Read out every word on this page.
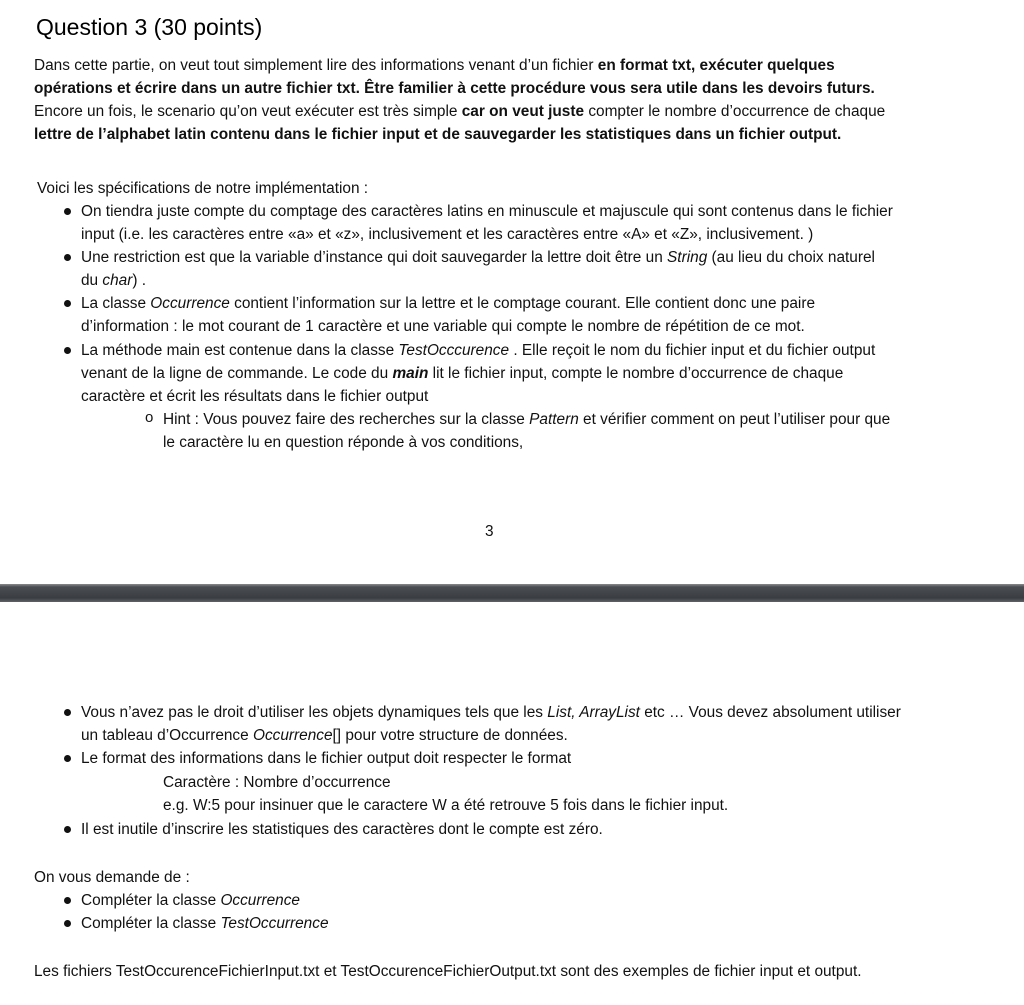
Question 3 (30 points)
Dans cette partie, on veut tout simplement lire des informations venant d’un fichier en format txt, exécuter quelques
opérations et écrire dans un autre fichier txt. Être familier à cette procédure vous sera utile dans les devoirs futurs.
Encore un fois, le scenario qu’on veut exécuter est très simple car on veut juste compter le nombre d’occurrence de chaque
lettre de l’alphabet latin contenu dans le fichier input et de sauvegarder les statistiques dans un fichier output.
Voici les spécifications de notre implémentation :
On tiendra juste compte du comptage des caractères latins en minuscule et majuscule qui sont contenus dans le fichier
input (i.e. les caractères entre «a» et «z», inclusivement et les caractères entre «A» et «Z», inclusivement. )
Une restriction est que la variable d’instance qui doit sauvegarder la lettre doit être un String (au lieu du choix naturel
du char) .
La classe Occurrence contient l’information sur la lettre et le comptage courant. Elle contient donc une paire
d’information : le mot courant de 1 caractère et une variable qui compte le nombre de répétition de ce mot.
La méthode main est contenue dans la classe TestOcccurence . Elle reçoit le nom du fichier input et du fichier output
venant de la ligne de commande. Le code du main lit le fichier input, compte le nombre d’occurrence de chaque
caractère et écrit les résultats dans le fichier output
o Hint : Vous pouvez faire des recherches sur la classe Pattern et vérifier comment on peut l’utiliser pour que
le caractère lu en question réponde à vos conditions,
3
Vous n’avez pas le droit d’utiliser les objets dynamiques tels que les List, ArrayList etc … Vous devez absolument utiliser
un tableau d’Occurrence Occurrence[] pour votre structure de données.
Le format des informations dans le fichier output doit respecter le format
Caractère : Nombre d’occurrence
e.g. W:5 pour insinuer que le caractere W a été retrouve 5 fois dans le fichier input.
Il est inutile d’inscrire les statistiques des caractères dont le compte est zéro.
On vous demande de :
Compléter la classe Occurrence
Compléter la classe TestOccurrence
Les fichiers TestOccurenceFichierInput.txt et TestOccurenceFichierOutput.txt sont des exemples de fichier input et output.
